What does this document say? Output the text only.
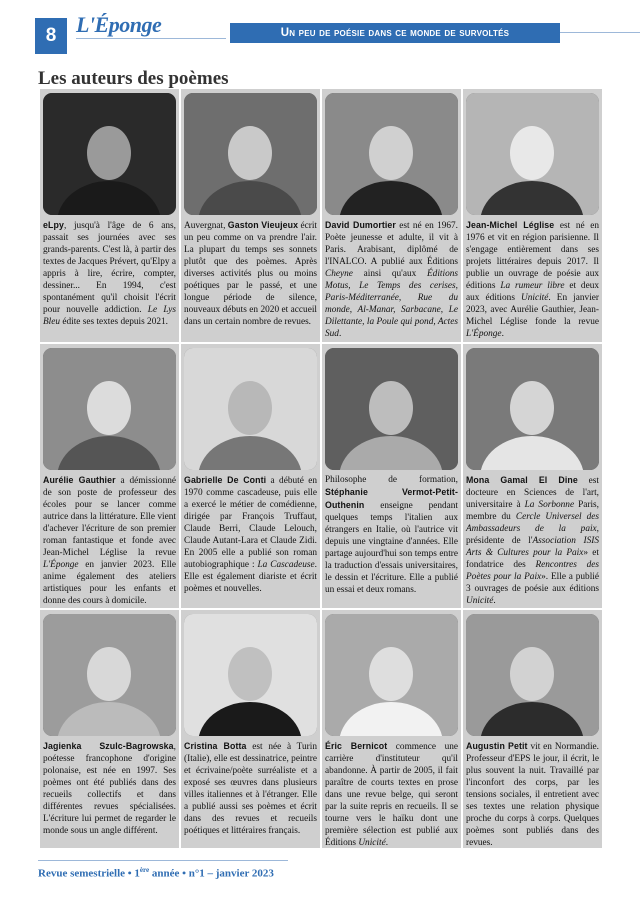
8 L'Éponge	Un peu de poésie dans ce monde de survoltés
Les auteurs des poèmes
eLpy, jusqu'à l'âge de 6 ans, passait ses journées avec ses grands-parents. C'est là, à partir des textes de Jacques Prévert, qu'Elpy a appris à lire, écrire, compter, dessiner... En 1994, c'est spontanément qu'il choisit l'écrit pour nouvelle addiction. Le Lys Bleu édite ses textes depuis 2021.
Auvergnat, Gaston Vieujeux écrit un peu comme on va prendre l'air. La plupart du temps ses sonnets plutôt que des poèmes. Après diverses activités plus ou moins poétiques par le passé, et une longue période de silence, nouveaux débuts en 2020 et accueil dans un certain nombre de revues.
David Dumortier est né en 1967. Poète jeunesse et adulte, il vit à Paris. Arabisant, diplômé de l'INALCO. A publié aux Éditions Cheyne ainsi qu'aux Éditions Motus, Le Temps des cerises, Paris-Méditerranée, Rue du monde, Al-Manar, Sarbacane, Le Dilettante, la Poule qui pond, Actes Sud.
Jean-Michel Léglise est né en 1976 et vit en région parisienne. Il s'engage entièrement dans ses projets littéraires depuis 2017. Il publie un ouvrage de poésie aux éditions La rumeur libre et deux aux éditions Unicité. En janvier 2023, avec Aurélie Gauthier, Jean-Michel Léglise fonde la revue L'Éponge.
Aurélie Gauthier a démissionné de son poste de professeur des écoles pour se lancer comme autrice dans la littérature. Elle vient d'achever l'écriture de son premier roman fantastique et fonde avec Jean-Michel Léglise la revue L'Éponge en janvier 2023. Elle anime également des ateliers artistiques pour les enfants et donne des cours à domicile.
Gabrielle De Conti a débuté en 1970 comme cascadeuse, puis elle a exercé le métier de comédienne, dirigée par François Truffaut, Claude Berri, Claude Lelouch, Claude Autant-Lara et Claude Zidi. En 2005 elle a publié son roman autobiographique : La Cascadeuse. Elle est également diariste et écrit poèmes et nouvelles.
Philosophe de formation, Stéphanie Vermot-Petit-Outhenin enseigne pendant quelques temps l'italien aux étrangers en Italie, où l'autrice vit depuis une vingtaine d'années. Elle partage aujourd'hui son temps entre la traduction d'essais universitaires, le dessin et l'écriture. Elle a publié un essai et deux romans.
Mona Gamal El Dine est docteure en Sciences de l'art, universitaire à La Sorbonne Paris, membre du Cercle Universel des Ambassadeurs de la paix, présidente de l'Association ISIS Arts & Cultures pour la Paix» et fondatrice des Rencontres des Poètes pour la Paix». Elle a publié 3 ouvrages de poésie aux éditions Unicité.
Jagienka Szulc-Bagrowska, poétesse francophone d'origine polonaise, est née en 1997. Ses poèmes ont été publiés dans des recueils collectifs et dans différentes revues spécialisées. L'écriture lui permet de regarder le monde sous un angle différent.
Cristina Botta est née à Turin (Italie), elle est dessinatrice, peintre et écrivaine/poète surréaliste et a exposé ses œuvres dans plusieurs villes italiennes et à l'étranger. Elle a publié aussi ses poèmes et écrit dans des revues et recueils poétiques et littéraires français.
Éric Bernicot commence une carrière d'instituteur qu'il abandonne. À partir de 2005, il fait paraître de courts textes en prose dans une revue belge, qui seront par la suite repris en recueils. Il se tourne vers le haïku dont une première sélection est publié aux Éditions Unicité.
Augustin Petit vit en Normandie. Professeur d'EPS le jour, il écrit, le plus souvent la nuit. Travaillé par l'inconfort des corps, par les tensions sociales, il entretient avec ses textes une relation physique proche du corps à corps. Quelques poèmes sont publiés dans des revues.
Revue semestrielle • 1ère année • n°1 – janvier 2023
